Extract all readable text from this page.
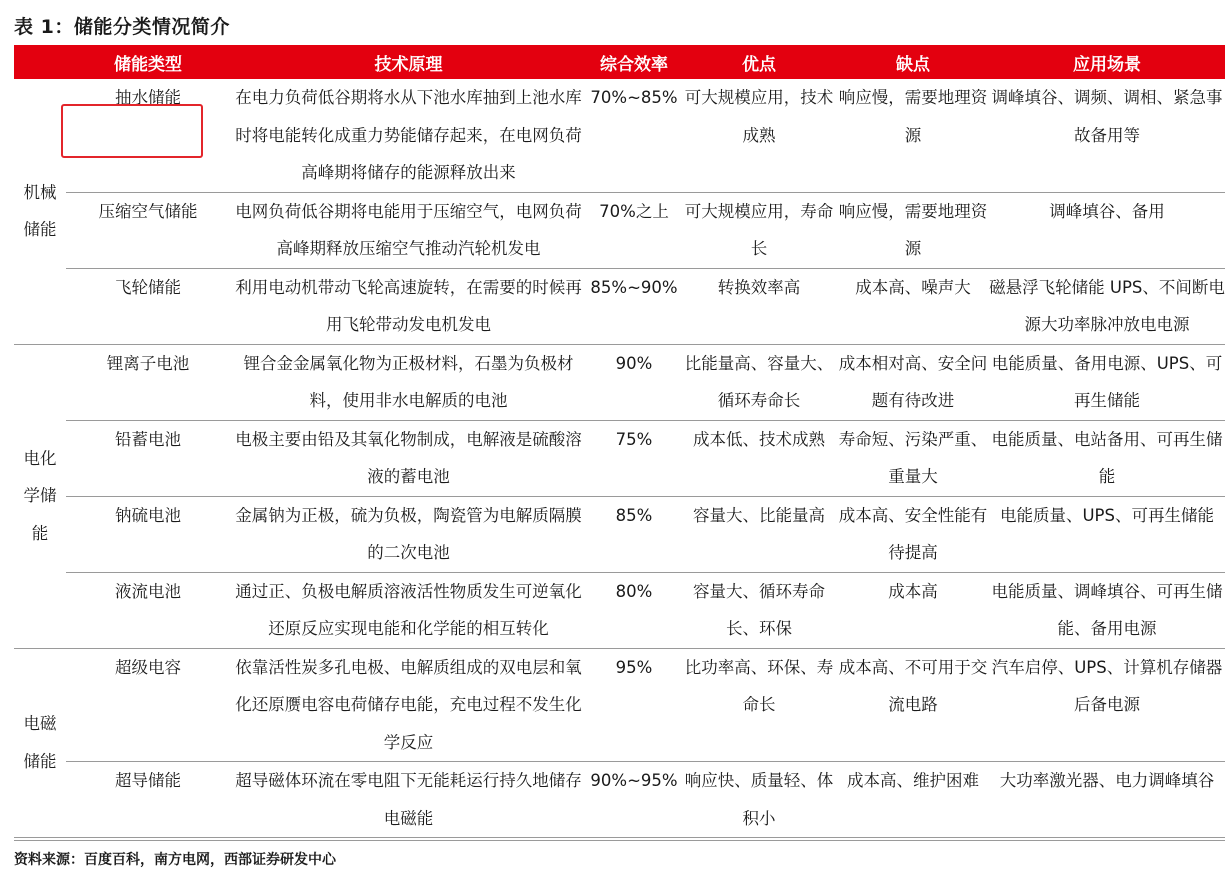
表 1：储能分类情况简介
	储能类型	技术原理	综合效率	优点	缺点	应用场景
机械储能	抽水储能	在电力负荷低谷期将水从下池水库抽到上池水库时将电能转化成重力势能储存起来，在电网负荷高峰期将储存的能源释放出来	70%~85%	可大规模应用，技术成熟	响应慢，需要地理资源	调峰填谷、调频、调相、紧急事故备用等
	压缩空气储能	电网负荷低谷期将电能用于压缩空气，电网负荷高峰期释放压缩空气推动汽轮机发电	70%之上	可大规模应用，寿命长	响应慢，需要地理资源	调峰填谷、备用
	飞轮储能	利用电动机带动飞轮高速旋转，在需要的时候再用飞轮带动发电机发电	85%~90%	转换效率高	成本高、噪声大	磁悬浮飞轮储能 UPS、不间断电源大功率脉冲放电电源
电化学储能	锂离子电池	锂合金金属氧化物为正极材料，石墨为负极材料，使用非水电解质的电池	90%	比能量高、容量大、循环寿命长	成本相对高、安全问题有待改进	电能质量、备用电源、UPS、可再生储能
	铅蓄电池	电极主要由铅及其氧化物制成，电解液是硫酸溶液的蓄电池	75%	成本低、技术成熟	寿命短、污染严重、重量大	电能质量、电站备用、可再生储能
	钠硫电池	金属钠为正极，硫为负极，陶瓷管为电解质隔膜的二次电池	85%	容量大、比能量高	成本高、安全性能有待提高	电能质量、UPS、可再生储能
	液流电池	通过正、负极电解质溶液活性物质发生可逆氧化还原反应实现电能和化学能的相互转化	80%	容量大、循环寿命长、环保	成本高	电能质量、调峰填谷、可再生储能、备用电源
电磁储能	超级电容	依靠活性炭多孔电极、电解质组成的双电层和氧化还原赝电容电荷储存电能，充电过程不发生化学反应	95%	比功率高、环保、寿命长	成本高、不可用于交流电路	汽车启停、UPS、计算机存储器后备电源
	超导储能	超导磁体环流在零电阻下无能耗运行持久地储存电磁能	90%~95%	响应快、质量轻、体积小	成本高、维护困难	大功率激光器、电力调峰填谷
资料来源：百度百科，南方电网，西部证券研发中心
